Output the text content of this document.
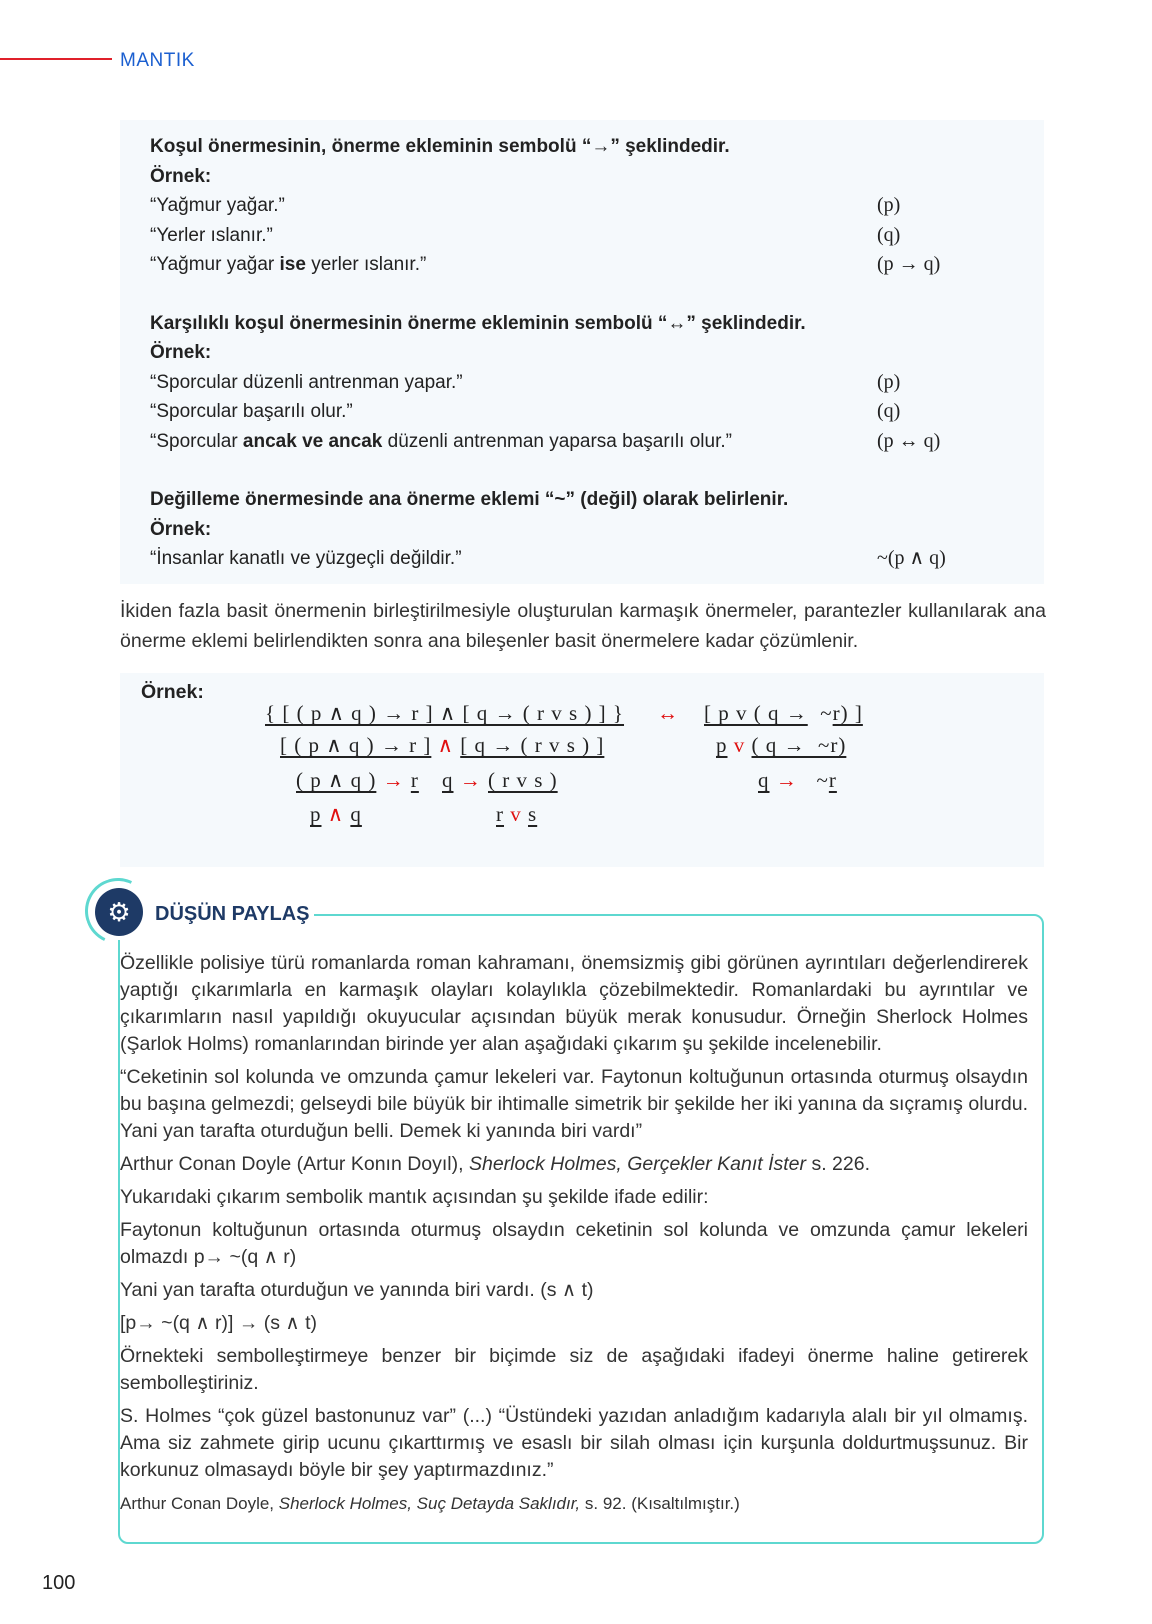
MANTIK
Koşul önermesinin, önerme ekleminin sembolü “→” şeklindedir.
Örnek:
“Yağmur yağar.”	(p)
“Yerler ıslanır.”	(q)
“Yağmur yağar ise yerler ıslanır.”	(p → q)
Karşılıklı koşul önermesinin önerme ekleminin sembolü “↔” şeklindedir.
Örnek:
“Sporcular düzenli antrenman yapar.”	(p)
“Sporcular başarılı olur.”	(q)
“Sporcular ancak ve ancak düzenli antrenman yaparsa başarılı olur.”	(p ↔ q)
Değilleme önermesinde ana önerme eklemi “~” (değil) olarak belirlenir.
Örnek:
“İnsanlar kanatlı ve yüzgeçli değildir.”	~(p ∧ q)
İkiden fazla basit önermenin birleştirilmesiyle oluşturulan karmaşık önermeler, parantezler kullanılarak ana önerme eklemi belirlendikten sonra ana bileşenler basit önermelere kadar çözümlenir.
Örnek:
↔
{ [ ( p ∧ q ) → r ] ∧ [ q → ( r v s ) ] }
[ ( p ∧ q ) → r ] ∧ [ q → ( r v s ) ]
( p ∧ q ) → r q → ( r v s )
p ∧ q	r v s
[ p v ( q →  ~r) ]
p v ( q →  ~r)
q →   ~r
⚙	DÜŞÜN PAYLAŞ

Özellikle polisiye türü romanlarda roman kahramanı, önemsizmiş gibi görünen ayrıntıları değerlendirerek yaptığı çıkarımlarla en karmaşık olayları kolaylıkla çözebilmektedir. Romanlardaki bu ayrıntılar ve çıkarımların nasıl yapıldığı okuyucular açısından büyük merak konusudur. Örneğin Sherlock Holmes (Şarlok Holms) romanlarından birinde yer alan aşağıdaki çıkarım şu şekilde incelenebilir.

“Ceketinin sol kolunda ve omzunda çamur lekeleri var. Faytonun koltuğunun ortasında oturmuş olsaydın bu başına gelmezdi; gelseydi bile büyük bir ihtimalle simetrik bir şekilde her iki yanına da sıçramış olurdu. Yani yan tarafta oturduğun belli. Demek ki yanında biri vardı”

Arthur Conan Doyle (Artur Konın Doyıl), Sherlock Holmes, Gerçekler Kanıt İster s. 226.

Yukarıdaki çıkarım sembolik mantık açısından şu şekilde ifade edilir:

Faytonun koltuğunun ortasında oturmuş olsaydın ceketinin sol kolunda ve omzunda çamur lekeleri olmazdı p→ ~(q ∧ r)

Yani yan tarafta oturduğun ve yanında biri vardı. (s ∧ t)

[p→ ~(q ∧ r)] → (s ∧ t)

Örnekteki sembolleştirmeye benzer bir biçimde siz de aşağıdaki ifadeyi önerme haline getirerek sembolleştiriniz.

S. Holmes “çok güzel bastonunuz var” (...) “Üstündeki yazıdan anladığım kadarıyla alalı bir yıl olmamış. Ama siz zahmete girip ucunu çıkarttırmış ve esaslı bir silah olması için kurşunla doldurtmuşsunuz. Bir korkunuz olmasaydı böyle bir şey yaptırmazdınız.”

Arthur Conan Doyle, Sherlock Holmes, Suç Detayda Saklıdır, s. 92. (Kısaltılmıştır.)

100
